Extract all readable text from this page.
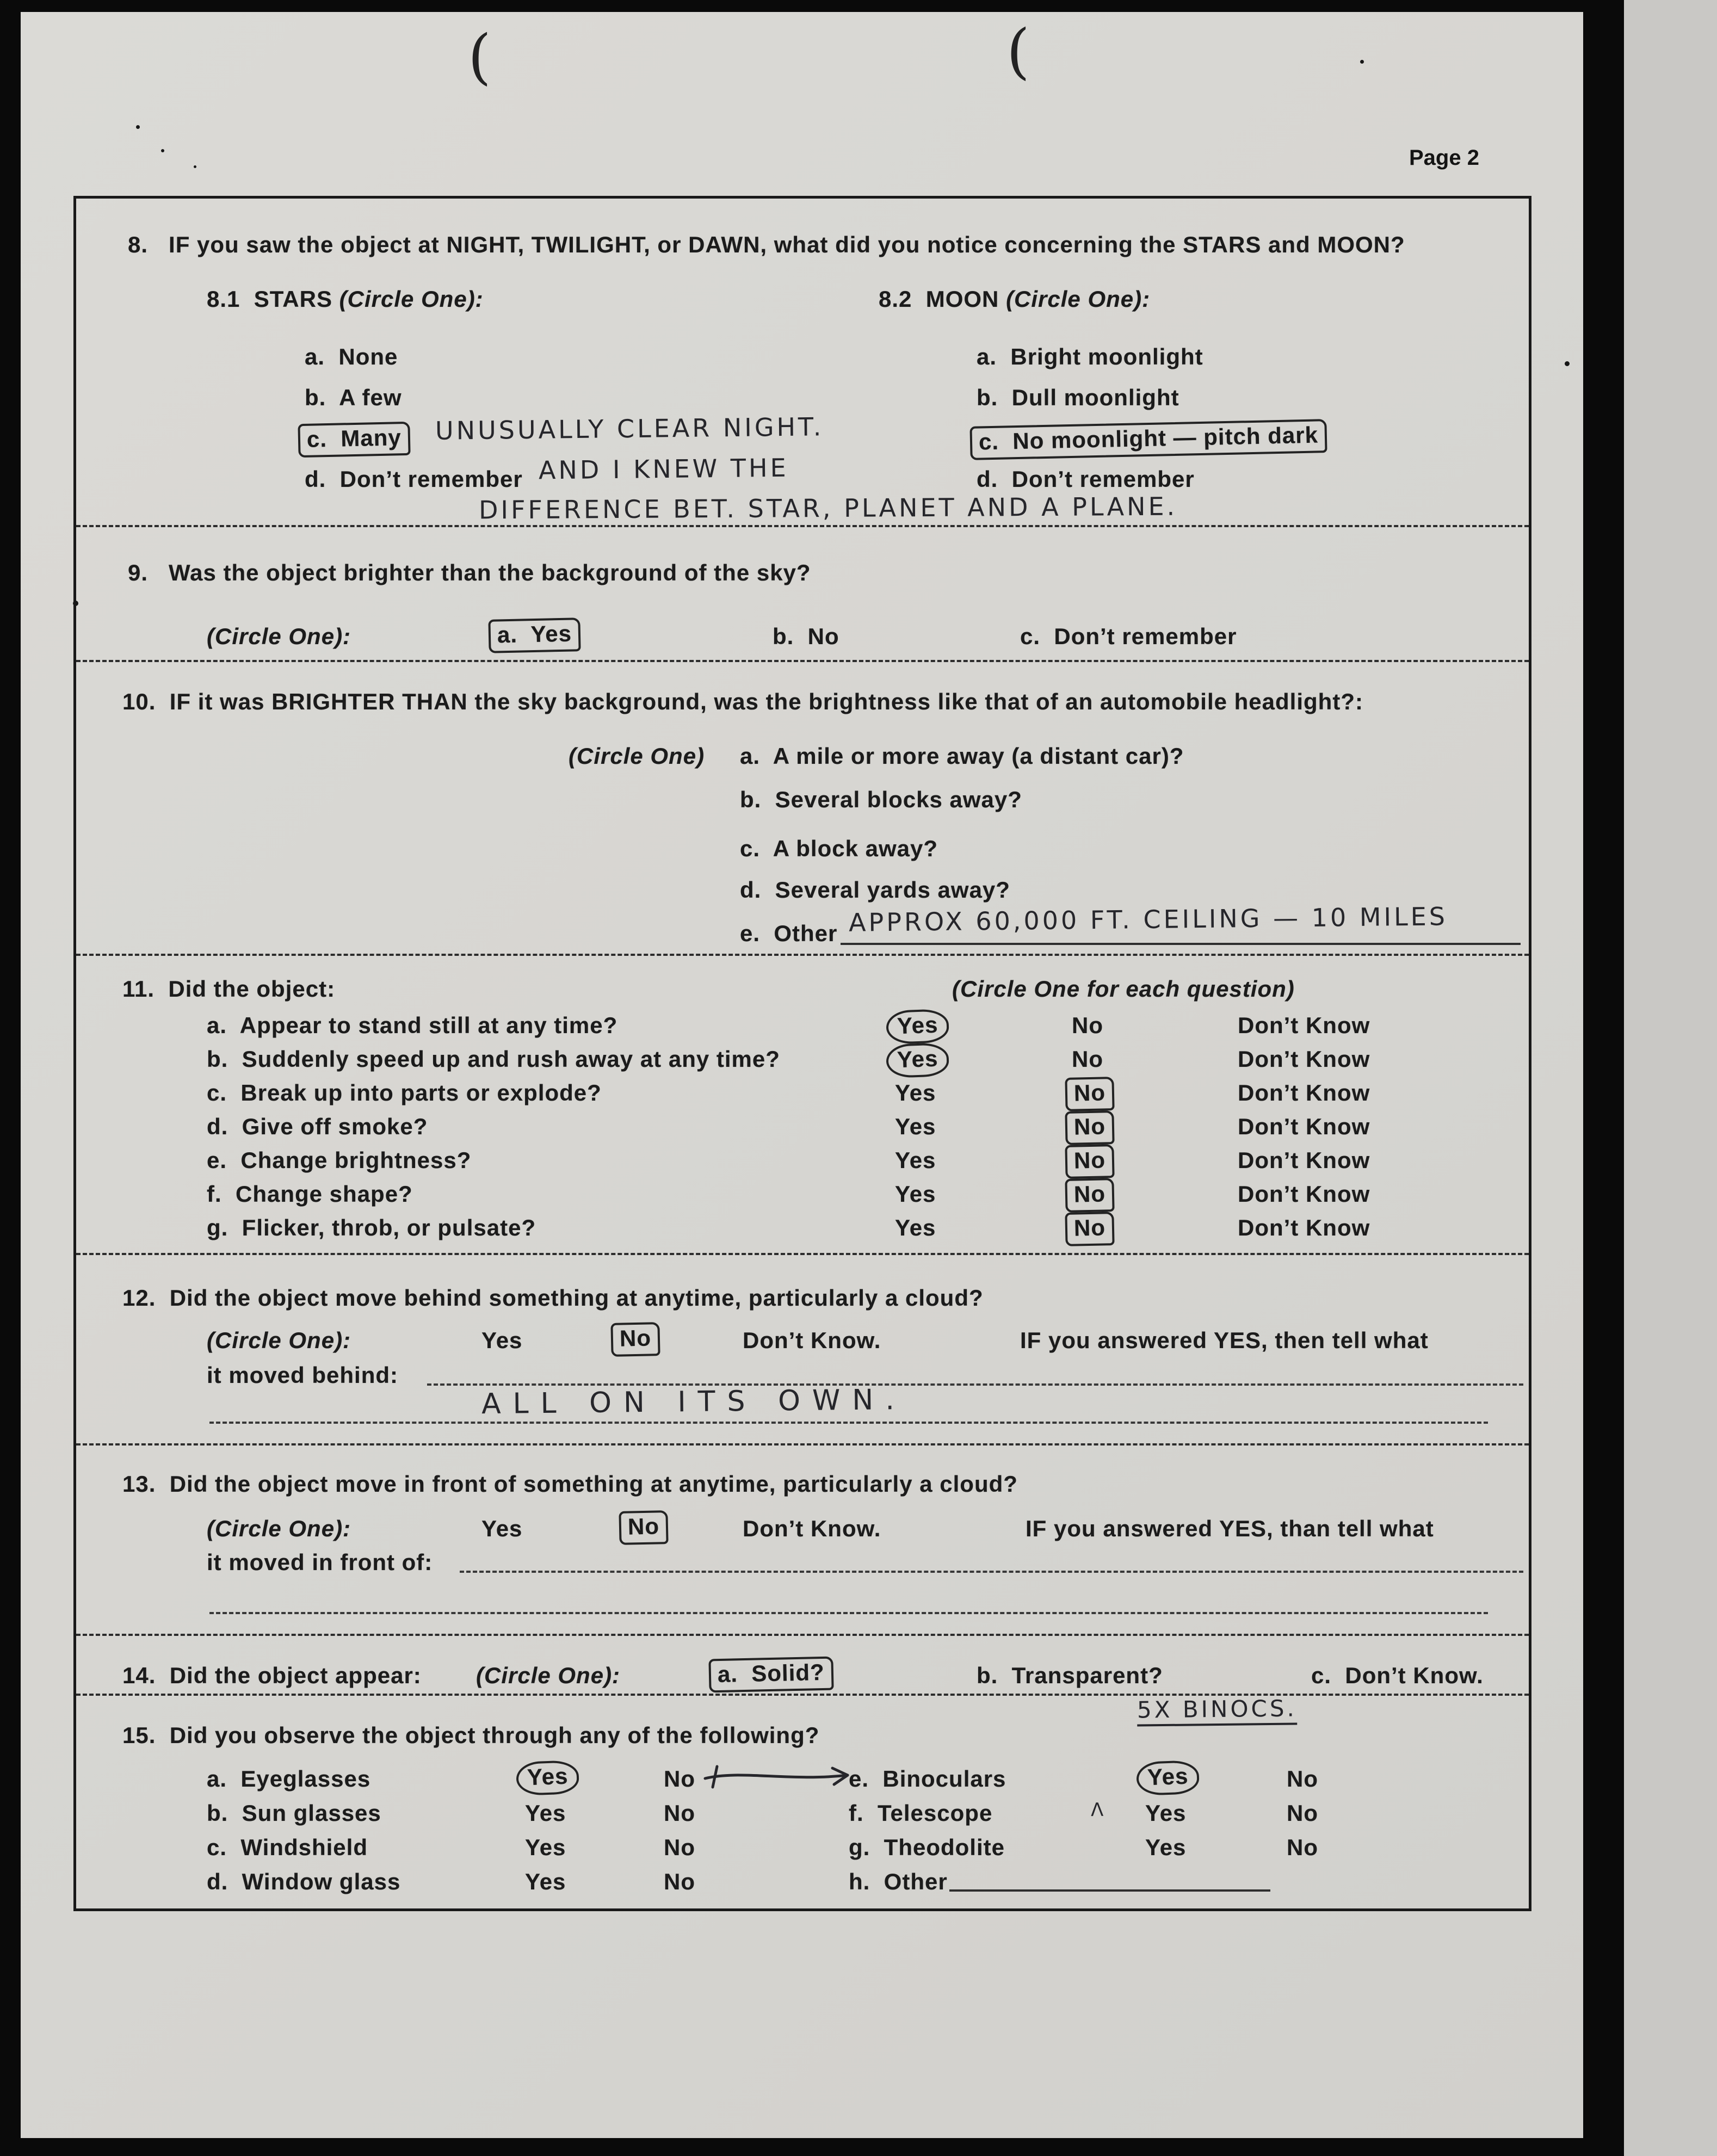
Page 2
(	(
8.   IF you saw the object at NIGHT, TWILIGHT, or DAWN, what did you notice concerning the STARS and MOON?
8.1  STARS (Circle One):	8.2  MOON (Circle One):
a.  None
b.  A few
c.  Many
d.  Don’t remember
a.  Bright moonlight
b.  Dull moonlight
c.  No moonlight — pitch dark
d.  Don’t remember
UNUSUALLY CLEAR NIGHT.
AND I KNEW THE
DIFFERENCE BET. STAR, PLANET AND A PLANE.
9.   Was the object brighter than the background of the sky?
(Circle One):	a.  Yes	b.  No	c.  Don’t remember
10.  IF it was BRIGHTER THAN the sky background, was the brightness like that of an automobile headlight?:
(Circle One) a.  A mile or more away (a distant car)?
b.  Several blocks away?
c.  A block away?
d.  Several yards away?
e.  Other APPROX 60,000 FT. CEILING — 10 MILES
11.  Did the object:	(Circle One for each question)
a.  Appear to stand still at any time?	Yes	No	Don’t Know
b.  Suddenly speed up and rush away at any time?	Yes	No	Don’t Know
c.  Break up into parts or explode?	Yes	No	Don’t Know
d.  Give off smoke?	Yes	No	Don’t Know
e.  Change brightness?	Yes	No	Don’t Know
f.  Change shape?	Yes	No	Don’t Know
g.  Flicker, throb, or pulsate?	Yes	No	Don’t Know
12.  Did the object move behind something at anytime, particularly a cloud?
(Circle One):	Yes	No	Don’t Know.	IF you answered YES, then tell what
it moved behind:
ALL ON ITS OWN.
13.  Did the object move in front of something at anytime, particularly a cloud?
(Circle One):	Yes	No	Don’t Know.	IF you answered YES, than tell what
it moved in front of:
14.  Did the object appear: (Circle One):	a.  Solid?	b.  Transparent?	c.  Don’t Know.
15.  Did you observe the object through any of the following?
5X BINOCS.
a.  Eyeglasses	Yes	No	e.  Binoculars	Yes	No
b.  Sun glasses	Yes	No	f.  Telescope	Λ Yes	No
c.  Windshield	Yes	No	g.  Theodolite	Yes	No
d.  Window glass	Yes	No	h.  Other
